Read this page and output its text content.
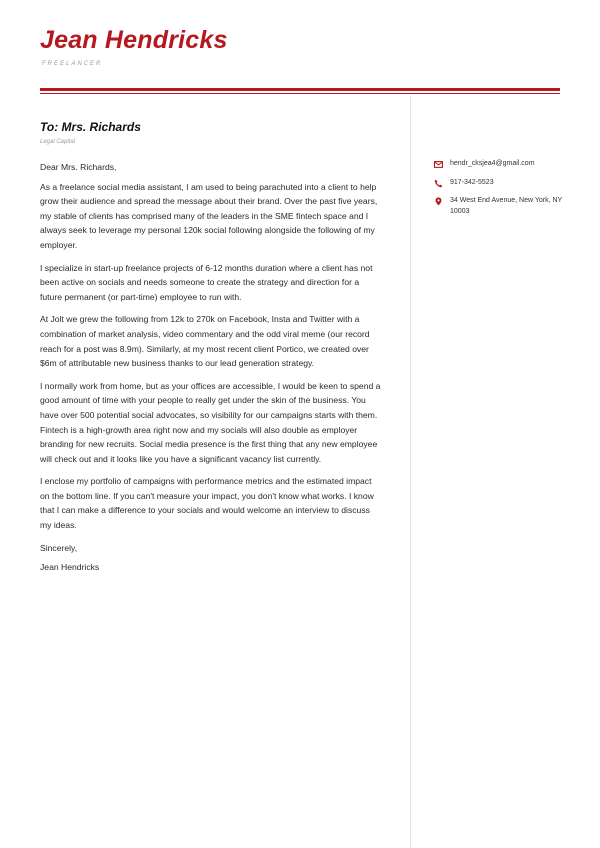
Jean Hendricks
FREELANCER
To: Mrs. Richards
Legal Capital

Dear Mrs. Richards,

As a freelance social media assistant, I am used to being parachuted into a client to help grow their audience and spread the message about their brand. Over the past five years, my stable of clients has comprised many of the leaders in the SME fintech space and I always seek to leverage my personal 120k social following alongside the following of my employer.

I specialize in start-up freelance projects of 6-12 months duration where a client has not been active on socials and needs someone to create the strategy and direction for a future permanent (or part-time) employee to run with.

At Jolt we grew the following from 12k to 270k on Facebook, Insta and Twitter with a combination of market analysis, video commentary and the odd viral meme (our record reach for a post was 8.9m). Similarly, at my most recent client Portico, we created over $6m of attributable new business thanks to our lead generation strategy.

I normally work from home, but as your offices are accessible, I would be keen to spend a good amount of time with your people to really get under the skin of the business. You have over 500 potential social advocates, so visibility for our campaigns starts with them. Fintech is a high-growth area right now and my socials will also double as employer branding for new recruits. Social media presence is the first thing that any new employee will check out and it looks like you have a significant vacancy list currently.

I enclose my portfolio of campaigns with performance metrics and the estimated impact on the bottom line. If you can't measure your impact, you don't know what works. I know that I can make a difference to your socials and would welcome an interview to discuss my ideas.

Sincerely,

Jean Hendricks

hendr_cksjea4@gmail.com
917-342-5523
34 West End Avenue, New York, NY 10003
